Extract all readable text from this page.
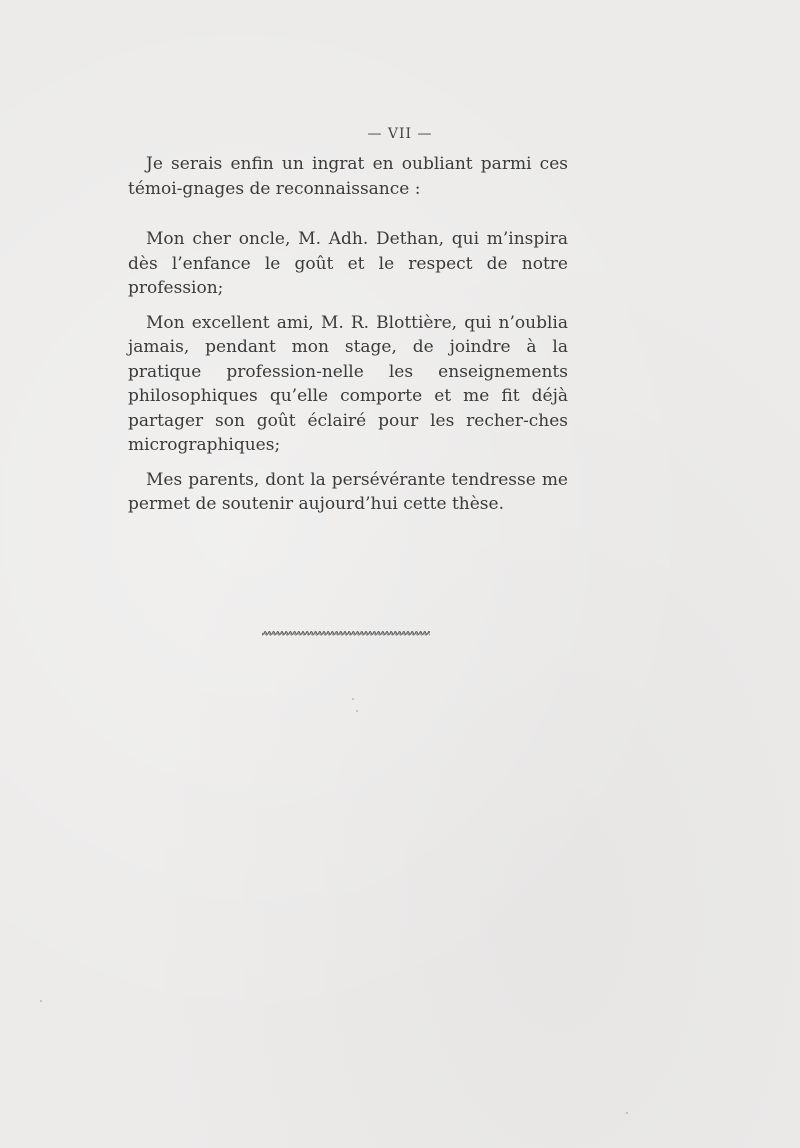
— VII —

Je serais enfin un ingrat en oubliant parmi ces témoi-gnages de reconnaissance :

Mon cher oncle, M. Adh. Dethan, qui m’inspira dès l’enfance le goût et le respect de notre profession;

Mon excellent ami, M. R. Blottière, qui n’oublia jamais, pendant mon stage, de joindre à la pratique profession-nelle les enseignements philosophiques qu’elle comporte et me fit déjà partager son goût éclairé pour les recher-ches micrographiques;

Mes parents, dont la persévérante tendresse me permet de soutenir aujourd’hui cette thèse.
